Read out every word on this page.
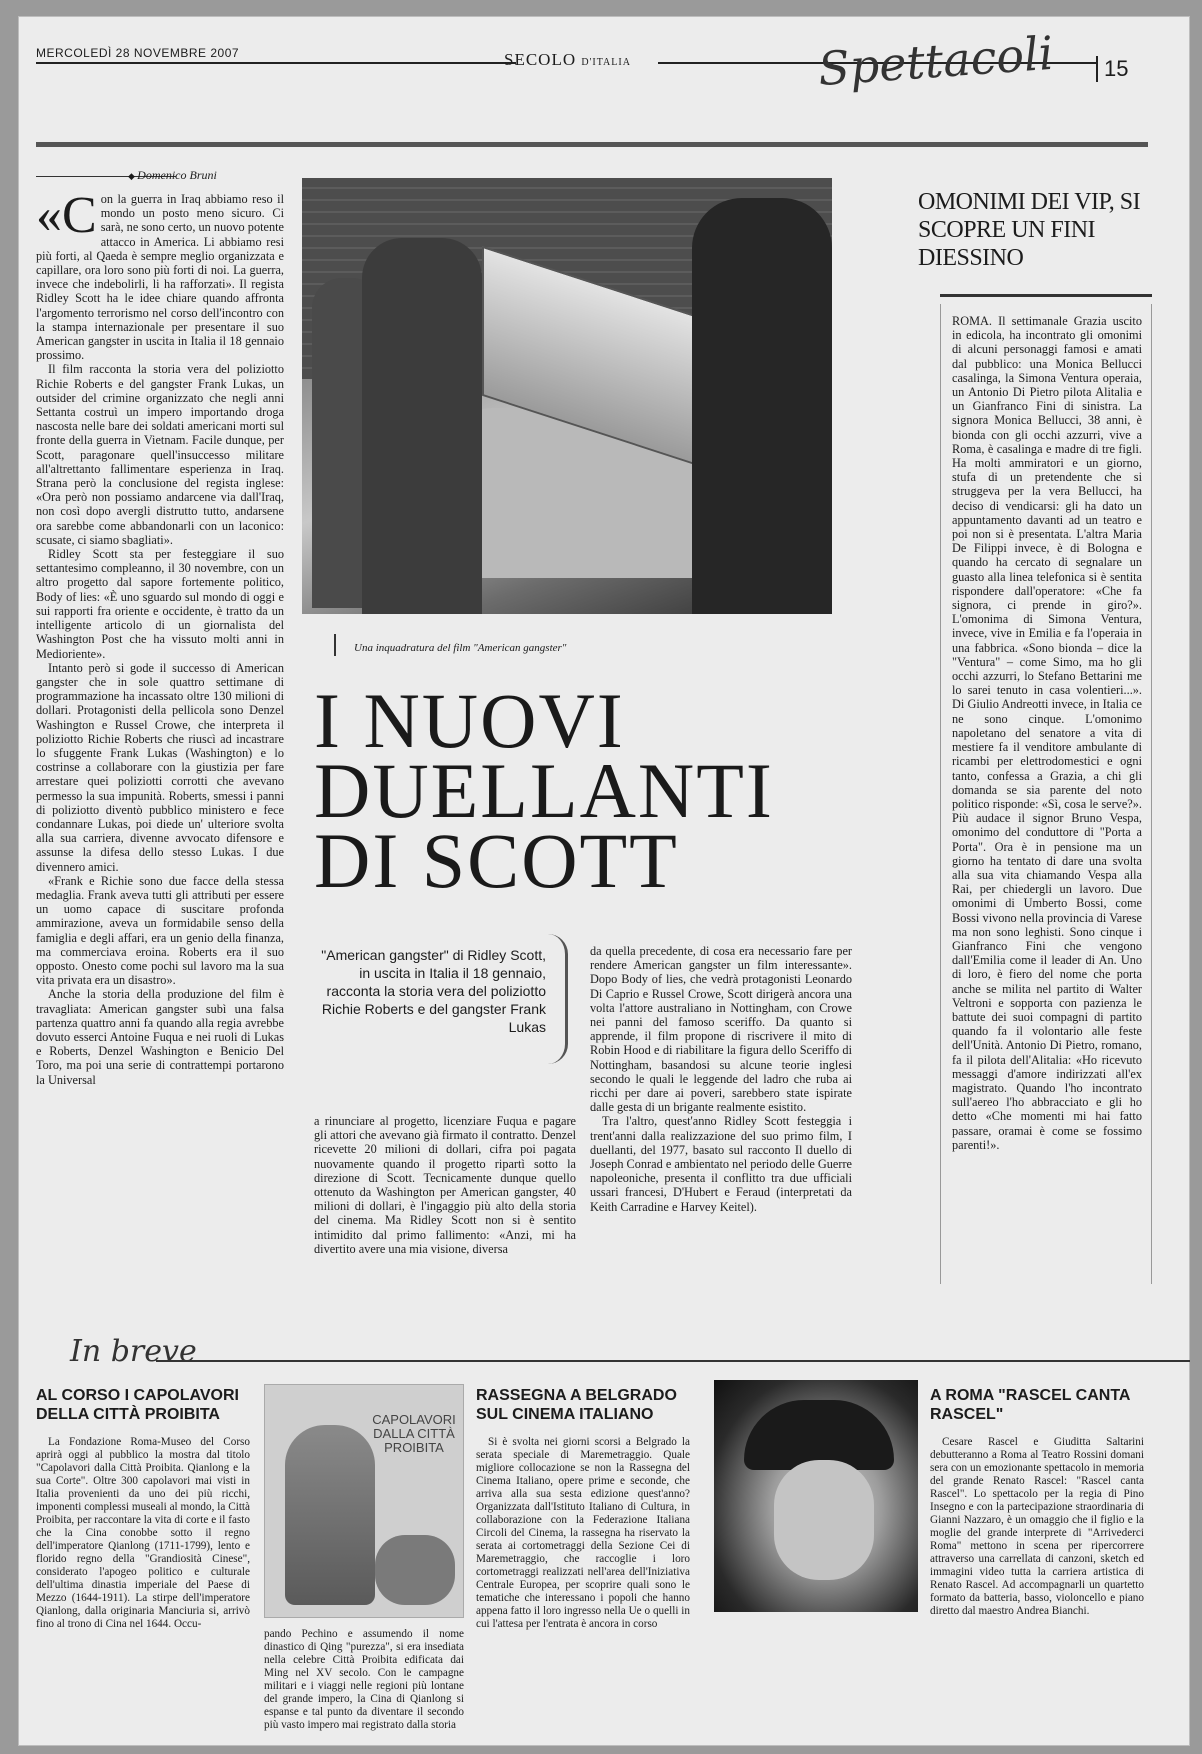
MERCOLEDÌ 28 NOVEMBRE 2007	SECOLO D'ITALIA	Spettacoli	15
◆ Domenico Bruni
«C on la guerra in Iraq abbiamo reso il mondo un posto meno sicuro. Ci sarà, ne sono certo, un nuovo potente attacco in America. Li abbiamo resi più forti, al Qaeda è sempre meglio organizzata e capillare, ora loro sono più forti di noi. La guerra, invece che indebolirli, li ha rafforzati». Il regista Ridley Scott ha le idee chiare quando affronta l'argomento terrorismo nel corso dell'incontro con la stampa internazionale per presentare il suo American gangster in uscita in Italia il 18 gennaio prossimo.

Il film racconta la storia vera del poliziotto Richie Roberts e del gangster Frank Lukas, un outsider del crimine organizzato che negli anni Settanta costruì un impero importando droga nascosta nelle bare dei soldati americani morti sul fronte della guerra in Vietnam. Facile dunque, per Scott, paragonare quell'insuccesso militare all'altrettanto fallimentare esperienza in Iraq. Strana però la conclusione del regista inglese: «Ora però non possiamo andarcene via dall'Iraq, non così dopo avergli distrutto tutto, andarsene ora sarebbe come abbandonarli con un laconico: scusate, ci siamo sbagliati».

Ridley Scott sta per festeggiare il suo settantesimo compleanno, il 30 novembre, con un altro progetto dal sapore fortemente politico, Body of lies: «È uno sguardo sul mondo di oggi e sui rapporti fra oriente e occidente, è tratto da un intelligente articolo di un giornalista del Washington Post che ha vissuto molti anni in Medioriente».

Intanto però si gode il successo di American gangster che in sole quattro settimane di programmazione ha incassato oltre 130 milioni di dollari. Protagonisti della pellicola sono Denzel Washington e Russel Crowe, che interpreta il poliziotto Richie Roberts che riuscì ad incastrare lo sfuggente Frank Lukas (Washington) e lo costrinse a collaborare con la giustizia per fare arrestare quei poliziotti corrotti che avevano permesso la sua impunità. Roberts, smessi i panni di poliziotto diventò pubblico ministero e fece condannare Lukas, poi diede un' ulteriore svolta alla sua carriera, divenne avvocato difensore e assunse la difesa dello stesso Lukas. I due divennero amici.

«Frank e Richie sono due facce della stessa medaglia. Frank aveva tutti gli attributi per essere un uomo capace di suscitare profonda ammirazione, aveva un formidabile senso della famiglia e degli affari, era un genio della finanza, ma commerciava eroina. Roberts era il suo opposto. Onesto come pochi sul lavoro ma la sua vita privata era un disastro».

Anche la storia della produzione del film è travagliata: American gangster subì una falsa partenza quattro anni fa quando alla regia avrebbe dovuto esserci Antoine Fuqua e nei ruoli di Lukas e Roberts, Denzel Washington e Benicio Del Toro, ma poi una serie di contrattempi portarono la Universal

Una inquadratura del film "American gangster"
I NUOVI
DUELLANTI
DI SCOTT
"American gangster" di Ridley Scott, in uscita in Italia il 18 gennaio, racconta la storia vera del poliziotto Richie Roberts e del gangster Frank Lukas

a rinunciare al progetto, licenziare Fuqua e pagare gli attori che avevano già firmato il contratto. Denzel ricevette 20 milioni di dollari, cifra poi pagata nuovamente quando il progetto ripartì sotto la direzione di Scott. Tecnicamente dunque quello ottenuto da Washington per American gangster, 40 milioni di dollari, è l'ingaggio più alto della storia del cinema. Ma Ridley Scott non si è sentito intimidito dal primo fallimento: «Anzi, mi ha divertito avere una mia visione, diversa

da quella precedente, di cosa era necessario fare per rendere American gangster un film interessante». Dopo Body of lies, che vedrà protagonisti Leonardo Di Caprio e Russel Crowe, Scott dirigerà ancora una volta l'attore australiano in Nottingham, con Crowe nei panni del famoso sceriffo. Da quanto si apprende, il film propone di riscrivere il mito di Robin Hood e di riabilitare la figura dello Sceriffo di Nottingham, basandosi su alcune teorie inglesi secondo le quali le leggende del ladro che ruba ai ricchi per dare ai poveri, sarebbero state ispirate dalle gesta di un brigante realmente esistito.

Tra l'altro, quest'anno Ridley Scott festeggia i trent'anni dalla realizzazione del suo primo film, I duellanti, del 1977, basato sul racconto Il duello di Joseph Conrad e ambientato nel periodo delle Guerre napoleoniche, presenta il conflitto tra due ufficiali ussari francesi, D'Hubert e Feraud (interpretati da Keith Carradine e Harvey Keitel).

OMONIMI DEI VIP, SI SCOPRE UN FINI DIESSINO
ROMA. Il settimanale Grazia uscito in edicola, ha incontrato gli omonimi di alcuni personaggi famosi e amati dal pubblico: una Monica Bellucci casalinga, la Simona Ventura operaia, un Antonio Di Pietro pilota Alitalia e un Gianfranco Fini di sinistra. La signora Monica Bellucci, 38 anni, è bionda con gli occhi azzurri, vive a Roma, è casalinga e madre di tre figli. Ha molti ammiratori e un giorno, stufa di un pretendente che si struggeva per la vera Bellucci, ha deciso di vendicarsi: gli ha dato un appuntamento davanti ad un teatro e poi non si è presentata. L'altra Maria De Filippi invece, è di Bologna e quando ha cercato di segnalare un guasto alla linea telefonica si è sentita rispondere dall'operatore: «Che fa signora, ci prende in giro?». L'omonima di Simona Ventura, invece, vive in Emilia e fa l'operaia in una fabbrica. «Sono bionda – dice la "Ventura" – come Simo, ma ho gli occhi azzurri, lo Stefano Bettarini me lo sarei tenuto in casa volentieri...». Di Giulio Andreotti invece, in Italia ce ne sono cinque. L'omonimo napoletano del senatore a vita di mestiere fa il venditore ambulante di ricambi per elettrodomestici e ogni tanto, confessa a Grazia, a chi gli domanda se sia parente del noto politico risponde: «Sì, cosa le serve?». Più audace il signor Bruno Vespa, omonimo del conduttore di "Porta a Porta". Ora è in pensione ma un giorno ha tentato di dare una svolta alla sua vita chiamando Vespa alla Rai, per chiedergli un lavoro. Due omonimi di Umberto Bossi, come Bossi vivono nella provincia di Varese ma non sono leghisti. Sono cinque i Gianfranco Fini che vengono dall'Emilia come il leader di An. Uno di loro, è fiero del nome che porta anche se milita nel partito di Walter Veltroni e sopporta con pazienza le battute dei suoi compagni di partito quando fa il volontario alle feste dell'Unità. Antonio Di Pietro, romano, fa il pilota dell'Alitalia: «Ho ricevuto messaggi d'amore indirizzati all'ex magistrato. Quando l'ho incontrato sull'aereo l'ho abbracciato e gli ho detto «Che momenti mi hai fatto passare, oramai è come se fossimo parenti!».
In breve
AL CORSO I CAPOLAVORI DELLA CITTÀ PROIBITA

La Fondazione Roma-Museo del Corso aprirà oggi al pubblico la mostra dal titolo "Capolavori dalla Città Proibita. Qianlong e la sua Corte". Oltre 300 capolavori mai visti in Italia provenienti da uno dei più ricchi, imponenti complessi museali al mondo, la Città Proibita, per raccontare la vita di corte e il fasto che la Cina conobbe sotto il regno dell'imperatore Qianlong (1711-1799), lento e florido regno della "Grandiosità Cinese", considerato l'apogeo politico e culturale dell'ultima dinastia imperiale del Paese di Mezzo (1644-1911). La stirpe dell'imperatore Qianlong, dalla originaria Manciuria si, arrivò fino al trono di Cina nel 1644. Occu-

CAPOLAVORI DALLA CITTÀ PROIBITA

pando Pechino e assumendo il nome dinastico di Qing "purezza", si era insediata nella celebre Città Proibita edificata dai Ming nel XV secolo. Con le campagne militari e i viaggi nelle regioni più lontane del grande impero, la Cina di Qianlong si espanse e tal punto da diventare il secondo più vasto impero mai registrato dalla storia

RASSEGNA A BELGRADO SUL CINEMA ITALIANO

Si è svolta nei giorni scorsi a Belgrado la serata speciale di Maremetraggio. Quale migliore collocazione se non la Rassegna del Cinema Italiano, opere prime e seconde, che arriva alla sua sesta edizione quest'anno? Organizzata dall'Istituto Italiano di Cultura, in collaborazione con la Federazione Italiana Circoli del Cinema, la rassegna ha riservato la serata ai cortometraggi della Sezione Cei di Maremetraggio, che raccoglie i loro cortometraggi realizzati nell'area dell'Iniziativa Centrale Europea, per scoprire quali sono le tematiche che interessano i popoli che hanno appena fatto il loro ingresso nella Ue o quelli in cui l'attesa per l'entrata è ancora in corso

A ROMA "RASCEL CANTA RASCEL"

Cesare Rascel e Giuditta Saltarini debutteranno a Roma al Teatro Rossini domani sera con un emozionante spettacolo in memoria del grande Renato Rascel: "Rascel canta Rascel". Lo spettacolo per la regia di Pino Insegno e con la partecipazione straordinaria di Gianni Nazzaro, è un omaggio che il figlio e la moglie del grande interprete di "Arrivederci Roma" mettono in scena per ripercorrere attraverso una carrellata di canzoni, sketch ed immagini video tutta la carriera artistica di Renato Rascel. Ad accompagnarli un quartetto formato da batteria, basso, violoncello e piano diretto dal maestro Andrea Bianchi.
